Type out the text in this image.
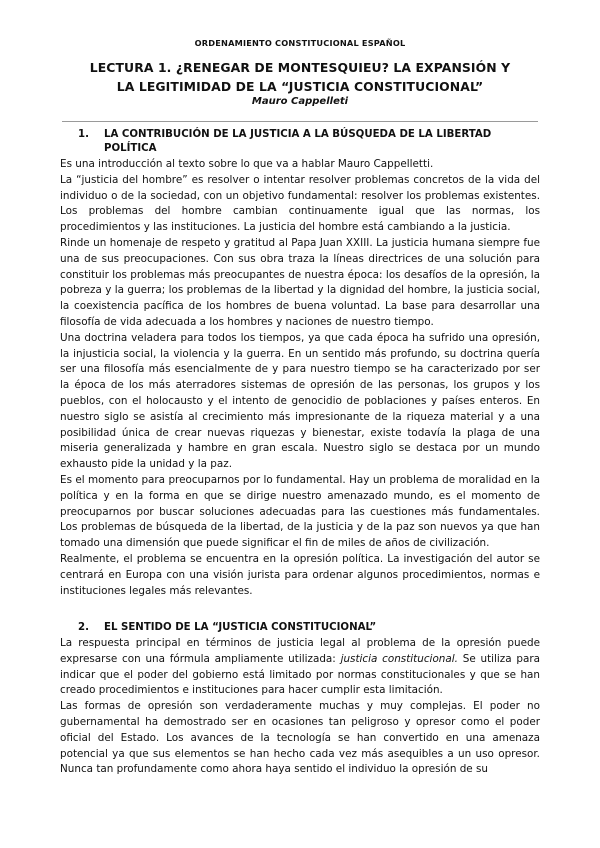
ORDENAMIENTO CONSTITUCIONAL ESPAÑOL
LECTURA 1. ¿RENEGAR DE MONTESQUIEU? LA EXPANSIÓN Y LA LEGITIMIDAD DE LA “JUSTICIA CONSTITUCIONAL”
Mauro Cappelleti
1.	LA CONTRIBUCIÓN DE LA JUSTICIA A LA BÚSQUEDA DE LA LIBERTAD POLÍTICA

Es una introducción al texto sobre lo que va a hablar Mauro Cappelletti.

La “justicia del hombre” es resolver o intentar resolver problemas concretos de la vida del individuo o de la sociedad, con un objetivo fundamental: resolver los problemas existentes. Los problemas del hombre cambian continuamente igual que las normas, los procedimientos y las instituciones. La justicia del hombre está cambiando a la justicia.

Rinde un homenaje de respeto y gratitud al Papa Juan XXIII. La justicia humana siempre fue una de sus preocupaciones. Con sus obra traza la líneas directrices de una solución para constituir los problemas más preocupantes de nuestra época: los desafíos de la opresión, la pobreza y la guerra; los problemas de la libertad y la dignidad del hombre, la justicia social, la coexistencia pacífica de los hombres de buena voluntad. La base para desarrollar una filosofía de vida adecuada a los hombres y naciones de nuestro tiempo.

Una doctrina veladera para todos los tiempos, ya que cada época ha sufrido una opresión, la injusticia social, la violencia y la guerra. En un sentido más profundo, su doctrina quería ser una filosofía más esencialmente de y para nuestro tiempo se ha caracterizado por ser la época de los más aterradores sistemas de opresión de las personas, los grupos y los pueblos, con el holocausto y el intento de genocidio de poblaciones y países enteros. En nuestro siglo se asistía al crecimiento más impresionante de la riqueza material y a una posibilidad única de crear nuevas riquezas y bienestar, existe todavía la plaga de una miseria generalizada y hambre en gran escala. Nuestro siglo se destaca por un mundo exhausto pide la unidad y la paz.

Es el momento para preocuparnos por lo fundamental. Hay un problema de moralidad en la política y en la forma en que se dirige nuestro amenazado mundo, es el momento de preocuparnos por buscar soluciones adecuadas para las cuestiones más fundamentales. Los problemas de búsqueda de la libertad, de la justicia y de la paz son nuevos ya que han tomado una dimensión que puede significar el fin de miles de años de civilización.

Realmente, el problema se encuentra en la opresión política. La investigación del autor se centrará en Europa con una visión jurista para ordenar algunos procedimientos, normas e instituciones legales más relevantes.

2.	EL SENTIDO DE LA “JUSTICIA CONSTITUCIONAL”

La respuesta principal en términos de justicia legal al problema de la opresión puede expresarse con una fórmula ampliamente utilizada: justicia constitucional. Se utiliza para indicar que el poder del gobierno está limitado por normas constitucionales y que se han creado procedimientos e instituciones para hacer cumplir esta limitación.

Las formas de opresión son verdaderamente muchas y muy complejas. El poder no gubernamental ha demostrado ser en ocasiones tan peligroso y opresor como el poder oficial del Estado. Los avances de la tecnología se han convertido en una amenaza potencial ya que sus elementos se han hecho cada vez más asequibles a un uso opresor. Nunca tan profundamente como ahora haya sentido el individuo la opresión de su
